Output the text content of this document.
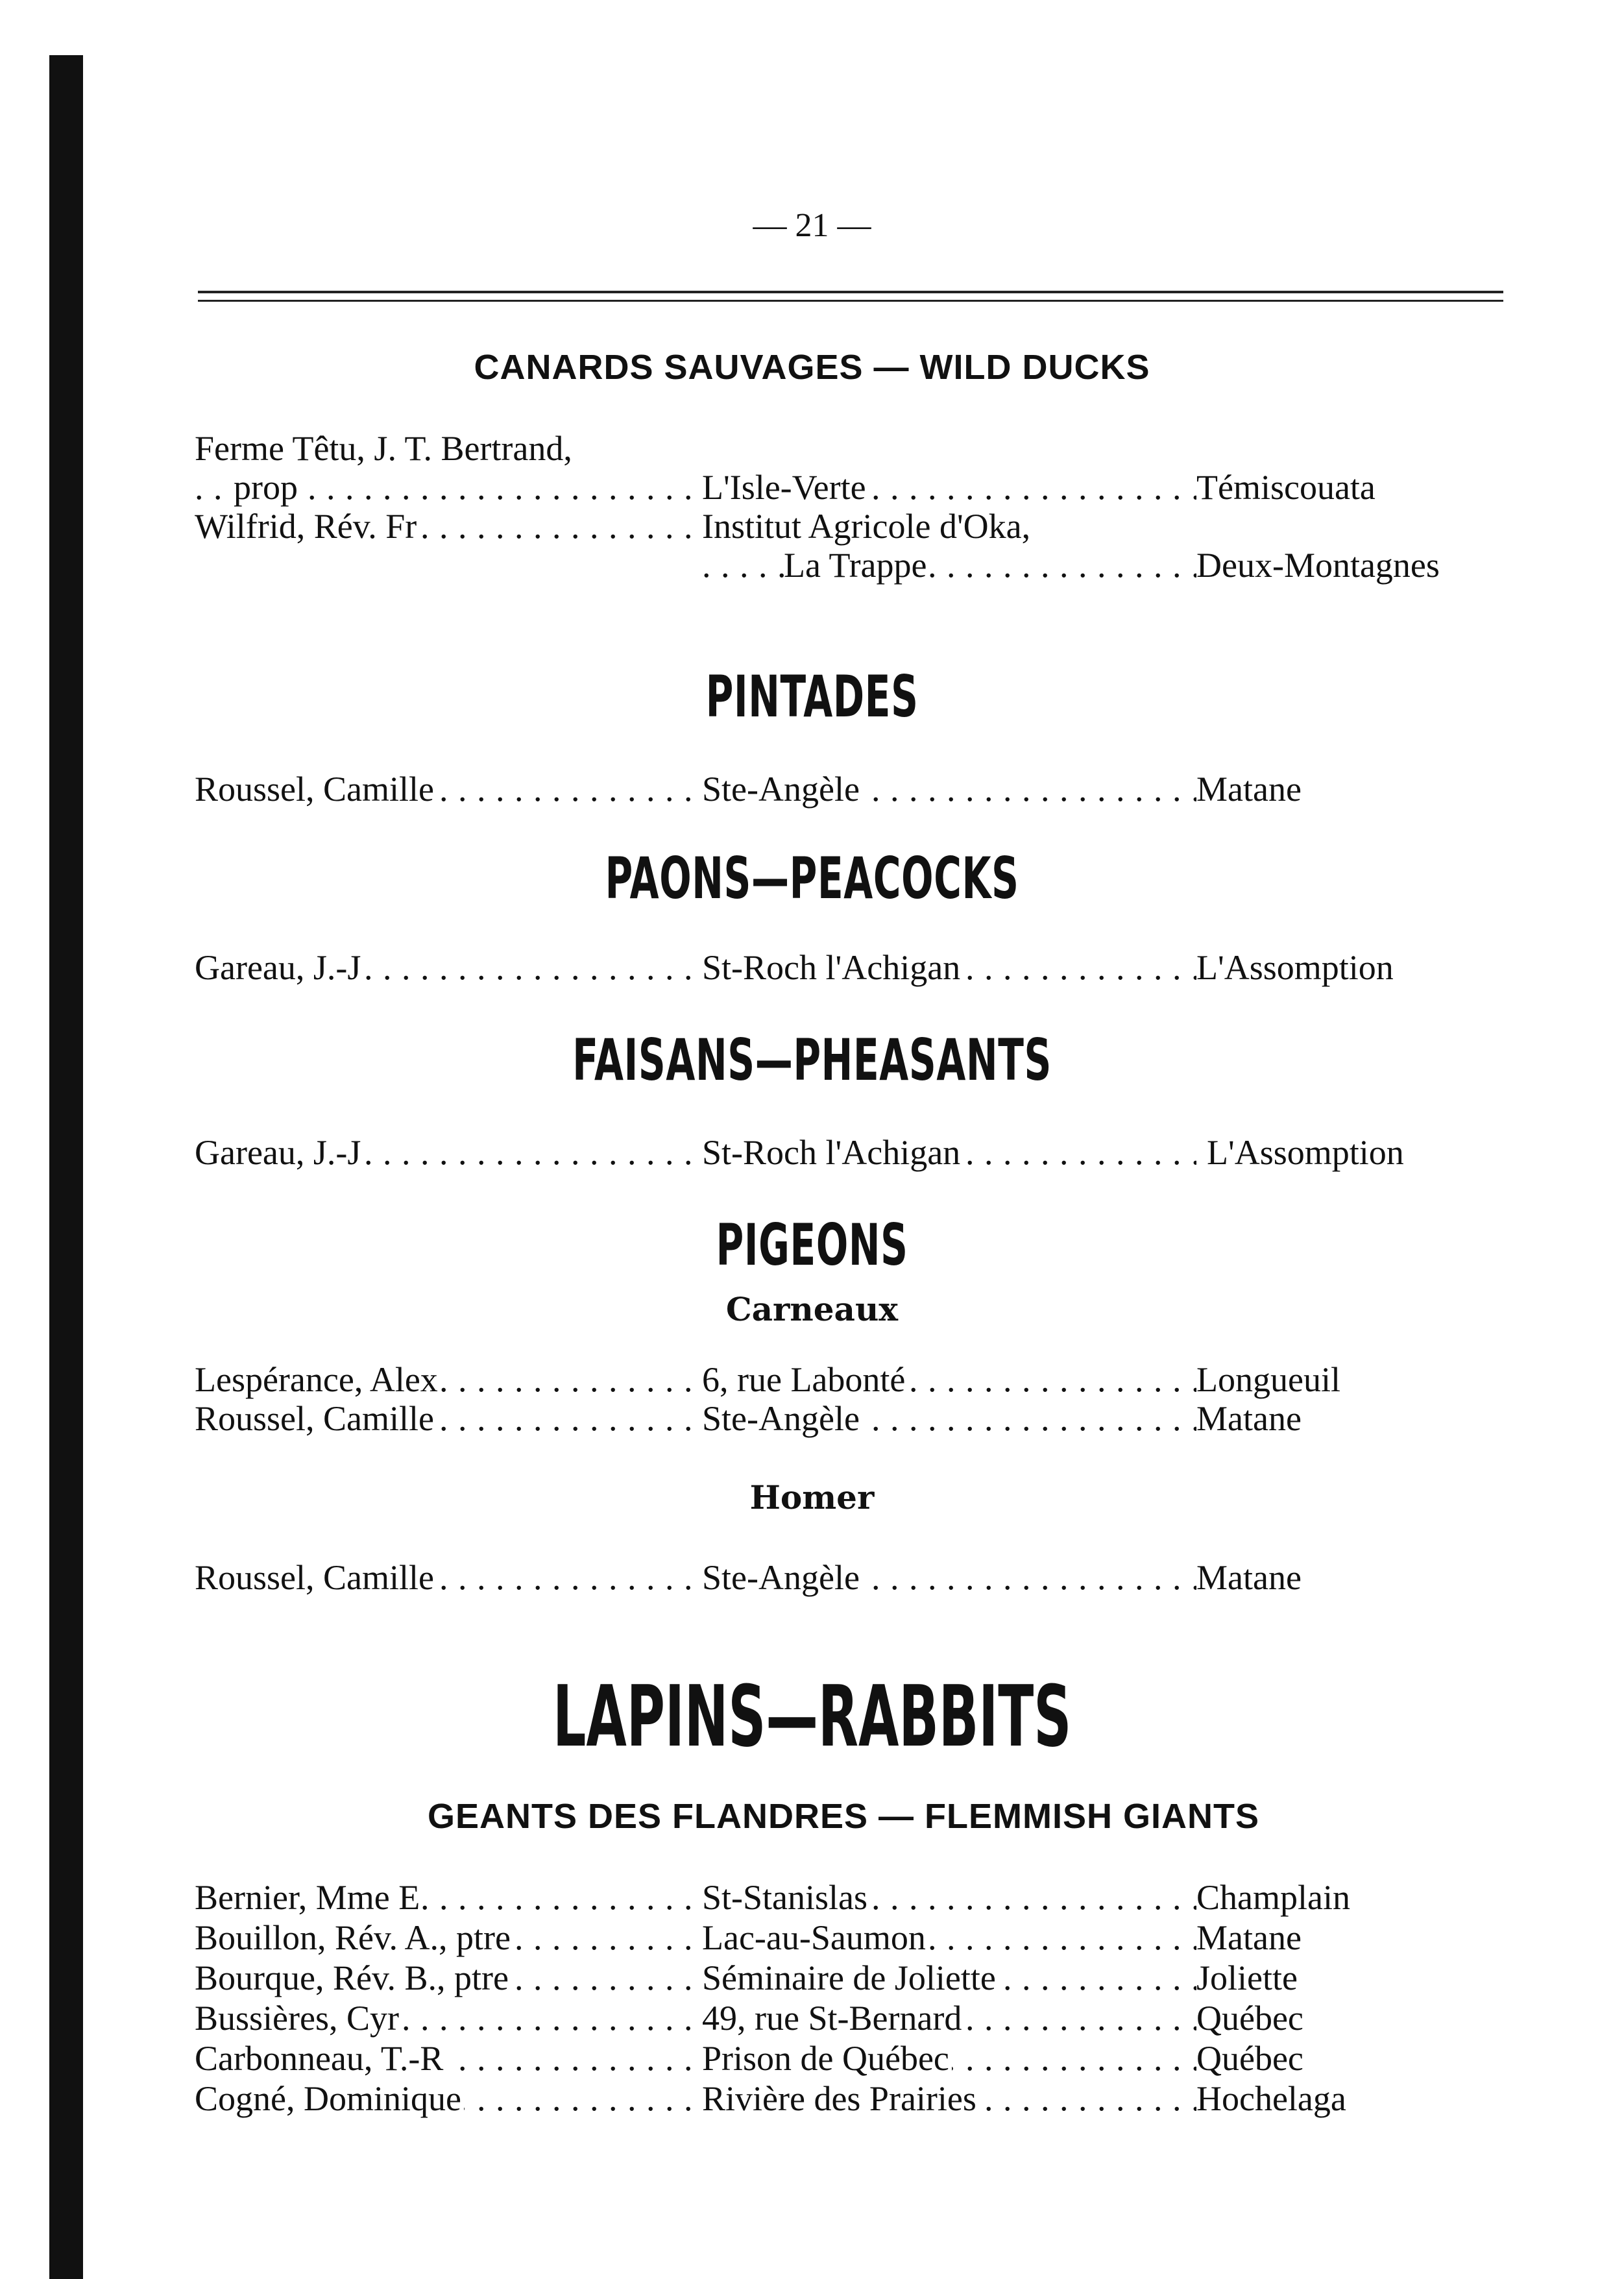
— 21 —
CANARDS SAUVAGES — WILD DUCKS
Ferme Têtu, J. T. Bertrand,
prop . . .	L'Isle-Verte . . .	Témiscouata
Wilfrid, Rév. Fr . . .	Institut Agricole d'Oka,
La Trappe . . .	Deux-Montagnes
PINTADES
Roussel, Camille . . .	Ste-Angèle . . .	Matane
PAONS—PEACOCKS
Gareau, J.-J . . .	St-Roch l'Achigan . . .	L'Assomption
FAISANS—PHEASANTS
Gareau, J.-J . . .	St-Roch l'Achigan . . .	L'Assomption
PIGEONS
Carneaux
Lespérance, Alex . . .	6, rue Labonté . . .	Longueuil
Roussel, Camille . . .	Ste-Angèle . . .	Matane
Homer
Roussel, Camille . . .	Ste-Angèle . . .	Matane
LAPINS—RABBITS
GEANTS DES FLANDRES — FLEMMISH GIANTS
Bernier, Mme E . . .	St-Stanislas . . .	Champlain
Bouillon, Rév. A., ptre . . .	Lac-au-Saumon . . .	Matane
Bourque, Rév. B., ptre . . .	Séminaire de Joliette . . .	Joliette
Bussières, Cyr . . .	49, rue St-Bernard . . .	Québec
Carbonneau, T.-R . . .	Prison de Québec . . .	Québec
Cogné, Dominique . . .	Rivière des Prairies . . .	Hochelaga
